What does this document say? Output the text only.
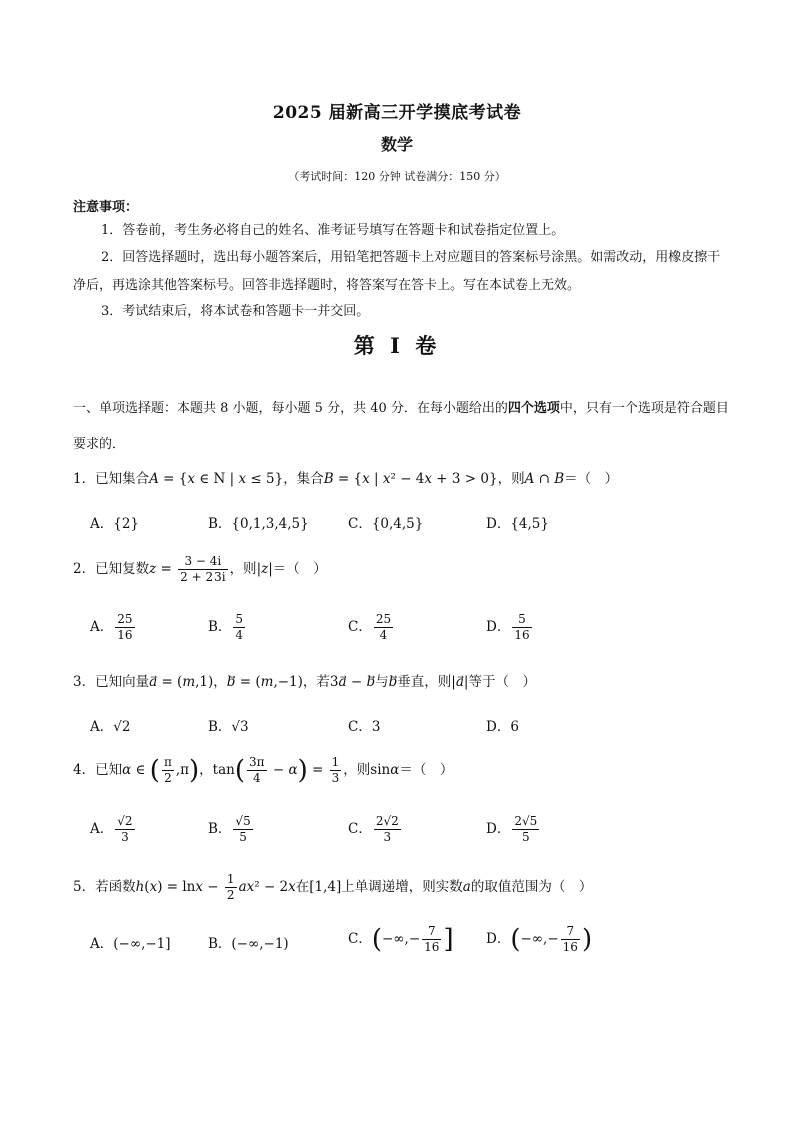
2025 届新高三开学摸底考试卷
数学
（考试时间：120 分钟 试卷满分：150 分）
注意事项：
1．答卷前，考生务必将自己的姓名、准考证号填写在答题卡和试卷指定位置上。
2．回答选择题时，选出每小题答案后，用铅笔把答题卡上对应题目的答案标号涂黑。如需改动，用橡皮擦干净后，再选涂其他答案标号。回答非选择题时，将答案写在答卡上。写在本试卷上无效。
3．考试结束后，将本试卷和答题卡一并交回。
第 I 卷
一、单项选择题：本题共 8 小题，每小题 5 分，共 40 分．在每小题给出的四个选项中，只有一个选项是符合题目要求的．
1．已知集合A = {x ∈ N | x ≤ 5}，集合B = {x | x² − 4x + 3 > 0}，则A ∩ B＝（　）
A．{2}	B．{0,1,3,4,5}	C．{0,4,5}	D．{4,5}
2．已知复数$z = \frac{3 - 4i}{2 + 23i}$ ，则|z|＝（　）
A． $\frac{25}{16}$	B． $\frac{5}{4}$	C． $\frac{25}{4}$	D． $\frac{5}{16}$
3．已知向量a⃗ = (m,1)，b⃗ = (m,−1)，若3a⃗ − b与b垂直，则|a⃗|等于（　）
A．√2	B．√3	C．3	D．6
4．已知α ∈ ( $\frac{\pi}{2} ,\pi$)，$\tan( \frac{3\pi}{4} - \alpha) = \frac{1}{3}$ ，则sinα＝（　）
A． $\frac{√2}{3}$	B． $\frac{√5}{5}$	C． $\frac{2√2}{3}$	D． $\frac{2√5}{5}$
5．若函数$h(x) = \ln x - \frac{1}{2} ax^2 - 2x$在[1,4]上单调递增，则实数a的取值范围为（　）
A．(−∞,−1]	B．(−∞,−1)	C．(−∞,− $\frac{7}{16}$ ] D．(−∞,− $\frac{7}{16}$ )
